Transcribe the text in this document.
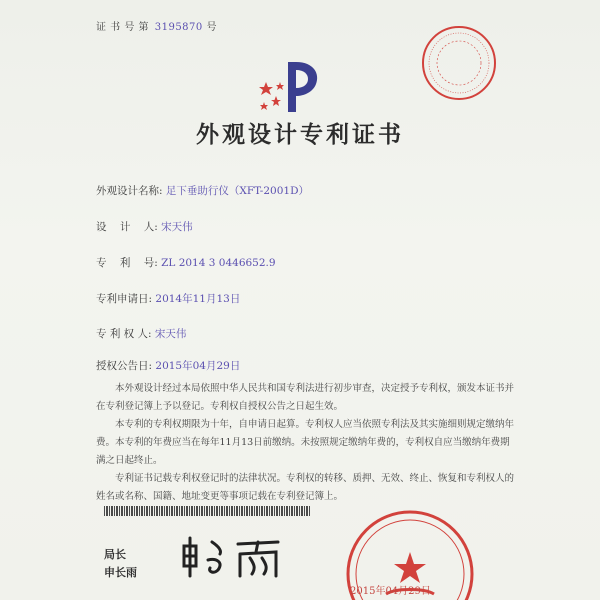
证 书 号 第 3195870 号
外观设计专利证书
外观设计名称: 足下垂助行仪（XFT-2001D）
设    计    人: 宋天伟
专    利    号: ZL 2014 3 0446652.9
专利申请日: 2014年11月13日
专 利 权 人: 宋天伟
授权公告日: 2015年04月29日

本外观设计经过本局依照中华人民共和国专利法进行初步审查，决定授予专利权，颁发本证书并在专利登记簿上予以登记。专利权自授权公告之日起生效。

本专利的专利权期限为十年，自申请日起算。专利权人应当依照专利法及其实施细则规定缴纳年费。本专利的年费应当在每年11月13日前缴纳。未按照规定缴纳年费的，专利权自应当缴纳年费期满之日起终止。

专利证书记载专利权登记时的法律状况。专利权的转移、质押、无效、终止、恢复和专利权人的姓名或名称、国籍、地址变更等事项记载在专利登记簿上。

局长
申长雨
2015年04月29日
